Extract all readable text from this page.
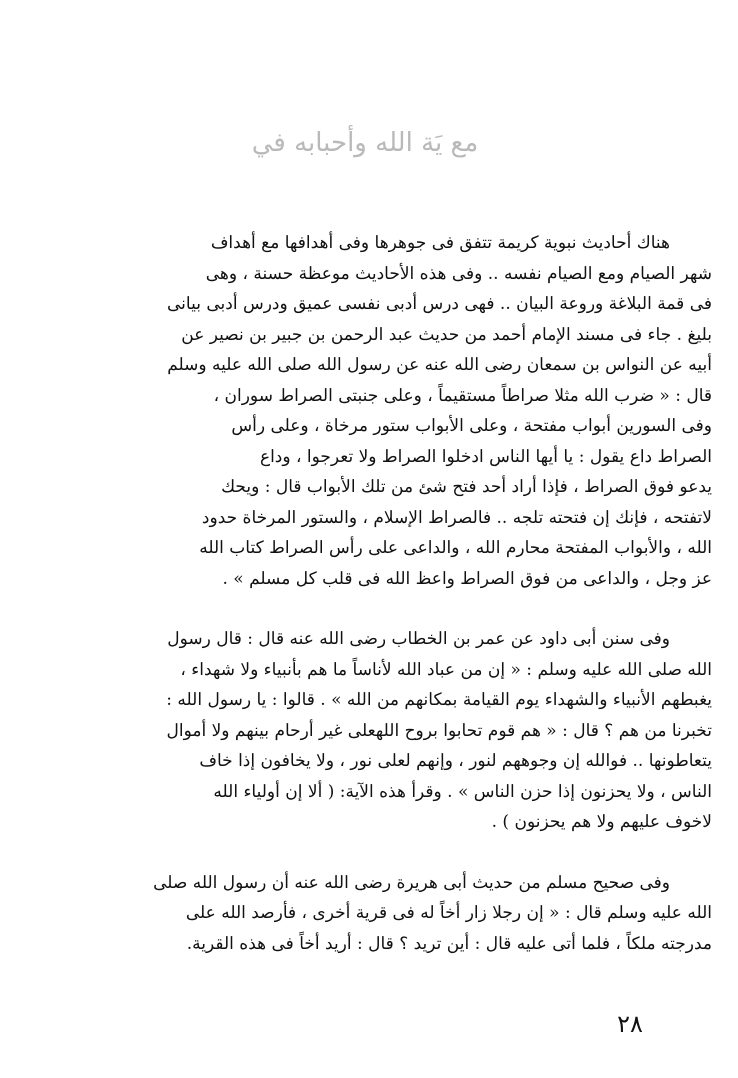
مع يَة الله وأحبابه في
هناك أحاديث نبوية كريمة تتفق فى جوهرها وفى أهدافها مع أهداف
شهر الصيام ومع الصيام نفسه .. وفى هذه الأحاديث موعظة حسنة ، وهى
فى قمة البلاغة وروعة البيان .. فهى درس أدبى نفسى عميق ودرس أدبى بيانى
بليغ . جاء فى مسند الإمام أحمد من حديث عبد الرحمن بن جبير بن نصير عن
أبيه عن النواس بن سمعان رضى الله عنه عن رسول الله صلى الله عليه وسلم
قال : « ضرب الله مثلا صراطاً مستقيماً ، وعلى جنبتى الصراط سوران ،
وفى السورين أبواب مفتحة ، وعلى الأبواب ستور مرخاة ، وعلى رأس
الصراط داع يقول : يا أيها الناس ادخلوا الصراط ولا تعرجوا ، وداع
يدعو فوق الصراط ، فإذا أراد أحد فتح شئ من تلك الأبواب قال : ويحك
لاتفتحه ، فإنك إن فتحته تلجه .. فالصراط الإسلام ، والستور المرخاة حدود
الله ، والأبواب المفتحة محارم الله ، والداعى على رأس الصراط كتاب الله
عز وجل ، والداعى من فوق الصراط واعظ الله فى قلب كل مسلم » .
وفى سنن أبى داود عن عمر بن الخطاب رضى الله عنه قال : قال رسول
الله صلى الله عليه وسلم : « إن من عباد الله لأناساً ما هم بأنبياء ولا شهداء ،
يغبطهم الأنبياء والشهداء يوم القيامة بمكانهم من الله » . قالوا : يا رسول الله :
تخبرنا من هم ؟ قال : « هم قوم تحابوا بروح اللهعلى غير أرحام بينهم ولا أموال
يتعاطونها .. فوالله إن وجوههم لنور ، وإنهم لعلى نور ، ولا يخافون إذا خاف
الناس ، ولا يحزنون إذا حزن الناس » . وقرأ هذه الآية: ( ألا إن أولياء الله
لاخوف عليهم ولا هم يحزنون ) .
وفى صحيح مسلم من حديث أبى هريرة رضى الله عنه أن رسول الله صلى
الله عليه وسلم قال : « إن رجلا زار أخاً له فى قرية أخرى ، فأرصد الله على
مدرجته ملكاً ، فلما أتى عليه قال : أين تريد ؟ قال : أريد أخاً فى هذه القرية.
٢٨
